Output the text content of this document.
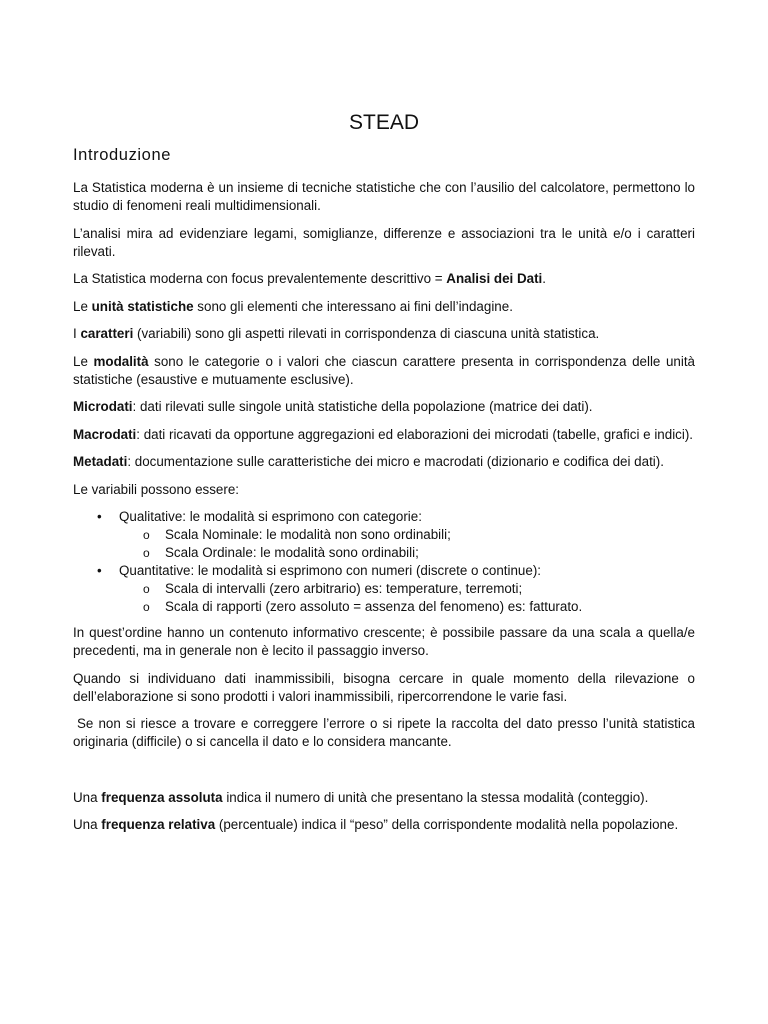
STEAD
Introduzione

La Statistica moderna è un insieme di tecniche statistiche che con l’ausilio del calcolatore, permettono lo studio di fenomeni reali multidimensionali.

L’analisi mira ad evidenziare legami, somiglianze, differenze e associazioni tra le unità e/o i caratteri rilevati.

La Statistica moderna con focus prevalentemente descrittivo = Analisi dei Dati.

Le unità statistiche sono gli elementi che interessano ai fini dell’indagine.

I caratteri (variabili) sono gli aspetti rilevati in corrispondenza di ciascuna unità statistica.

Le modalità sono le categorie o i valori che ciascun carattere presenta in corrispondenza delle unità statistiche (esaustive e mutuamente esclusive).

Microdati: dati rilevati sulle singole unità statistiche della popolazione (matrice dei dati).

Macrodati: dati ricavati da opportune aggregazioni ed elaborazioni dei microdati (tabelle, grafici e indici).

Metadati: documentazione sulle caratteristiche dei micro e macrodati (dizionario e codifica dei dati).

Le variabili possono essere:

• Qualitative: le modalità si esprimono con categorie:
o Scala Nominale: le modalità non sono ordinabili;
o Scala Ordinale: le modalità sono ordinabili;
• Quantitative: le modalità si esprimono con numeri (discrete o continue):
o Scala di intervalli (zero arbitrario) es: temperature, terremoti;
o Scala di rapporti (zero assoluto = assenza del fenomeno) es: fatturato.

In quest’ordine hanno un contenuto informativo crescente; è possibile passare da una scala a quella/e precedenti, ma in generale non è lecito il passaggio inverso.

Quando si individuano dati inammissibili, bisogna cercare in quale momento della rilevazione o dell’elaborazione si sono prodotti i valori inammissibili, ripercorrendone le varie fasi.

Se non si riesce a trovare e correggere l’errore o si ripete la raccolta del dato presso l’unità statistica originaria (difficile) o si cancella il dato e lo considera mancante.

Una frequenza assoluta indica il numero di unità che presentano la stessa modalità (conteggio).

Una frequenza relativa (percentuale) indica il “peso” della corrispondente modalità nella popolazione.
